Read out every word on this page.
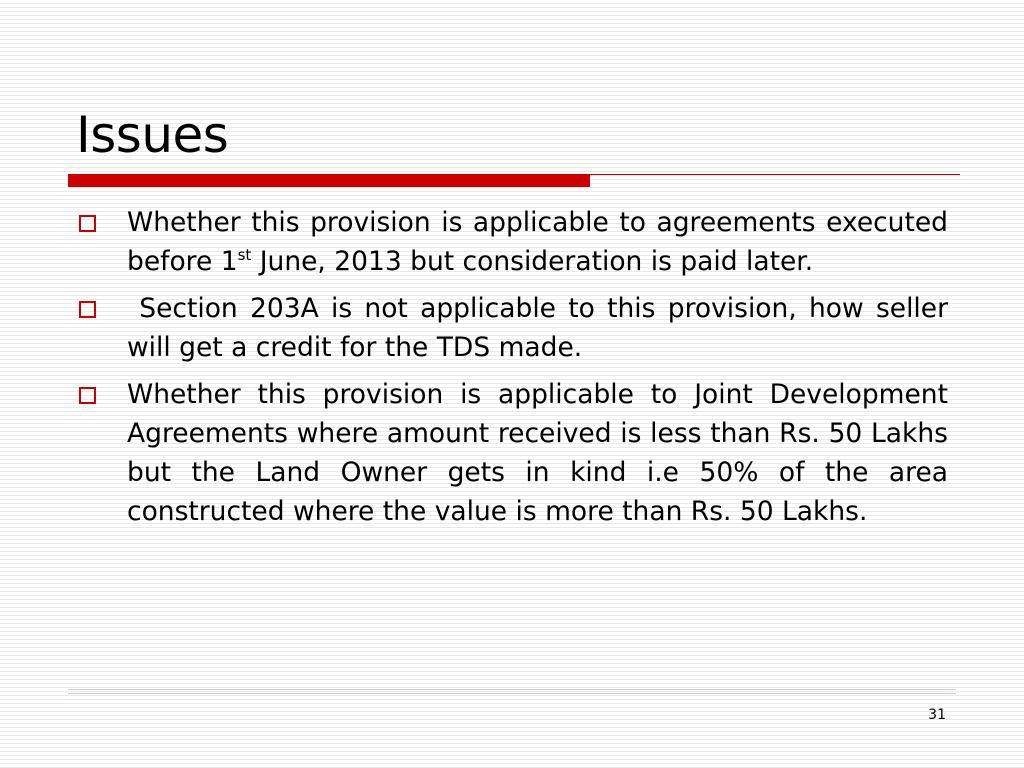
Issues
Whether this provision is applicable to agreements executed before 1st June, 2013 but consideration is paid later.
Section 203A is not applicable to this provision, how seller will get a credit for the TDS made.
Whether this provision is applicable to Joint Development Agreements where amount received is less than Rs. 50 Lakhs but the Land Owner gets in kind i.e 50% of the area constructed where the value is more than Rs. 50 Lakhs.
31
